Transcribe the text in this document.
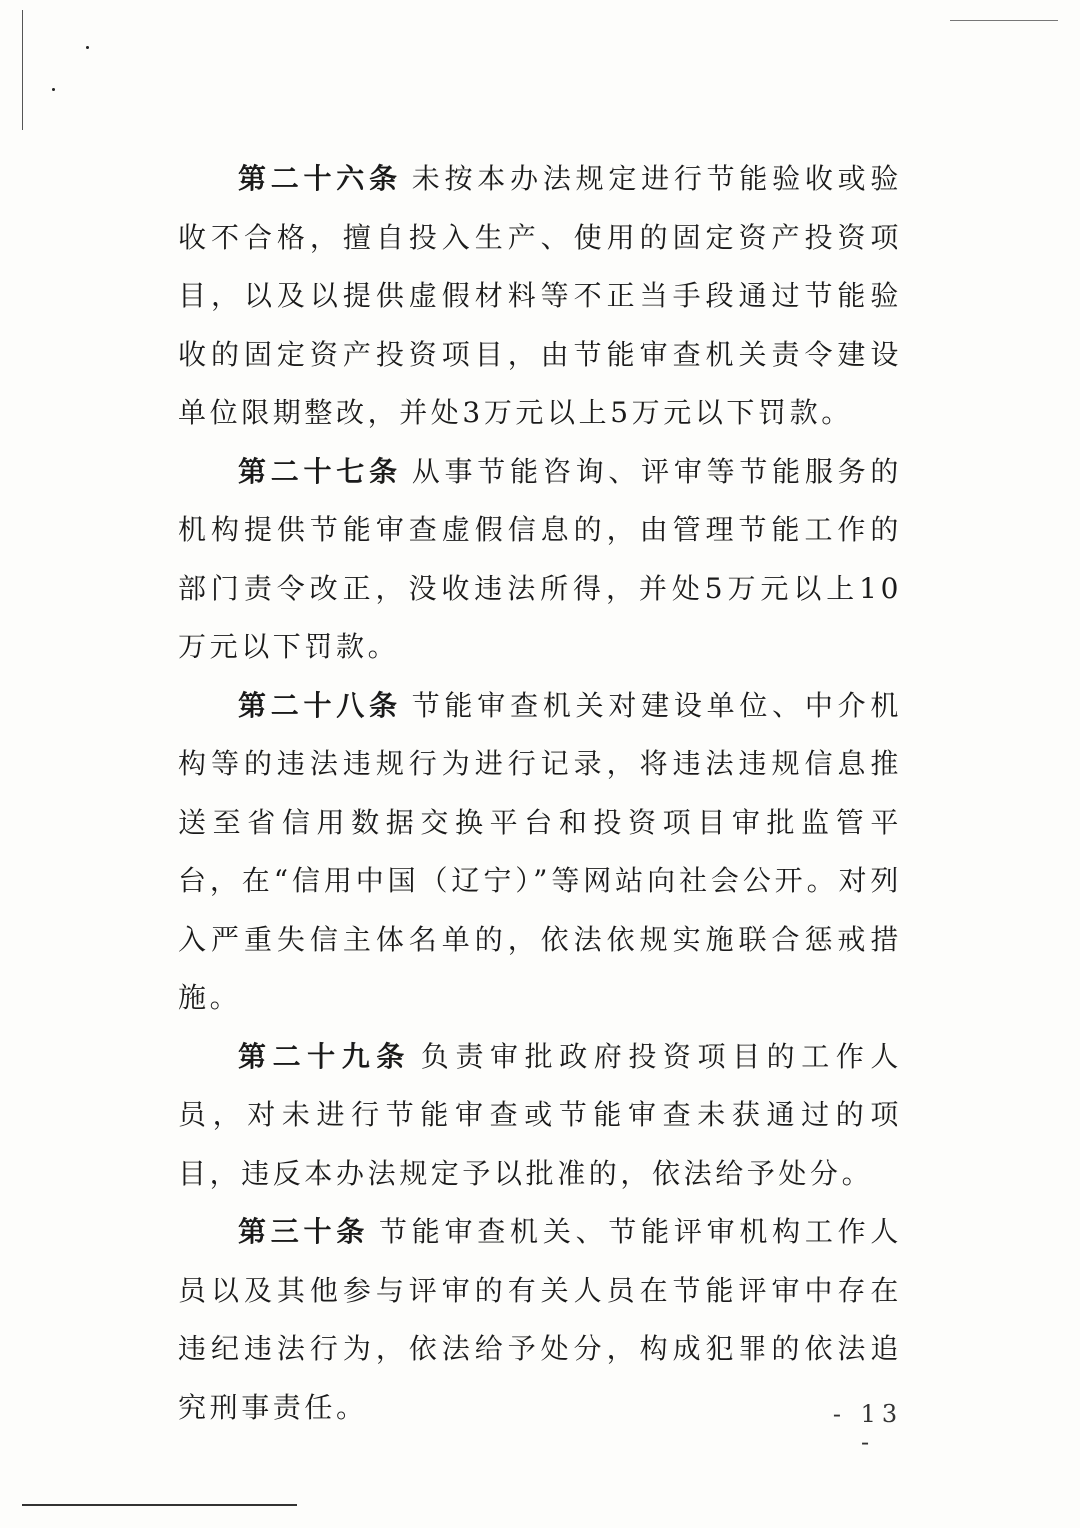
第二十六条 未按本办法规定进行节能验收或验收不合格，擅自投入生产、使用的固定资产投资项目，以及以提供虚假材料等不正当手段通过节能验收的固定资产投资项目，由节能审查机关责令建设单位限期整改，并处3万元以上5万元以下罚款。

第二十七条 从事节能咨询、评审等节能服务的机构提供节能审查虚假信息的，由管理节能工作的部门责令改正，没收违法所得，并处5万元以上10万元以下罚款。

第二十八条 节能审查机关对建设单位、中介机构等的违法违规行为进行记录，将违法违规信息推送至省信用数据交换平台和投资项目审批监管平台，在“信用中国（辽宁）”等网站向社会公开。对列入严重失信主体名单的，依法依规实施联合惩戒措施。

第二十九条 负责审批政府投资项目的工作人员，对未进行节能审查或节能审查未获通过的项目，违反本办法规定予以批准的，依法给予处分。

第三十条 节能审查机关、节能评审机构工作人员以及其他参与评审的有关人员在节能评审中存在违纪违法行为，依法给予处分，构成犯罪的依法追究刑事责任。	- 13 -
